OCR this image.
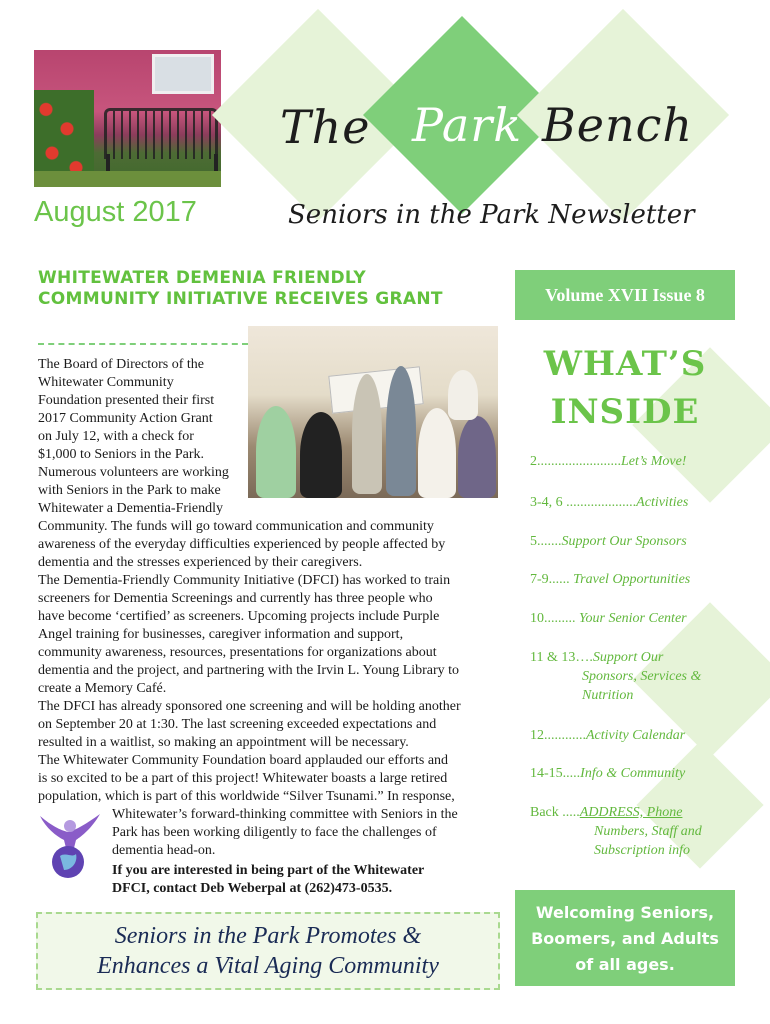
The Park Bench
Seniors in the Park Newsletter
August 2017
WHITEWATER DEMENIA FRIENDLY COMMUNITY INITIATIVE RECEIVES GRANT

The Board of Directors of the

Whitewater Community

Foundation presented their first

2017 Community Action Grant

on July 12, with a check for

$1,000 to Seniors in the Park.

Numerous volunteers are working

with Seniors in the Park to make

Whitewater a Dementia-Friendly

Community. The funds will go toward communication and community

awareness of the everyday difficulties experienced by people affected by

dementia and the stresses experienced by their caregivers.

The Dementia-Friendly Community Initiative (DFCI) has worked to train

screeners for Dementia Screenings and currently has three people who

have become ‘certified’ as screeners. Upcoming projects include Purple

Angel training for businesses, caregiver information and support,

community awareness, resources, presentations for organizations about

dementia and the project, and partnering with the Irvin L. Young Library to

create a Memory Café.

The DFCI has already sponsored one screening and will be holding another

on September 20 at 1:30. The last screening exceeded expectations and

resulted in a waitlist, so making an appointment will be necessary.

The Whitewater Community Foundation board applauded our efforts and

is so excited to be a part of this project! Whitewater boasts a large retired

population, which is part of this worldwide “Silver Tsunami.” In response,

Whitewater’s forward-thinking committee with Seniors in the

Park has been working diligently to face the challenges of

dementia head-on.

If you are interested in being part of the Whitewater
DFCI, contact Deb Weberpal at (262)473-0535.
Seniors in the Park Promotes &
Enhances a Vital Aging Community
Volume XVII Issue 8
WHAT’S
INSIDE
2........................Let’s Move!
3-4, 6 ....................Activities
5.......Support Our Sponsors
7-9...... Travel Opportunities
10......... Your Senior Center
11 & 13….Support Our
Sponsors, Services &
Nutrition
12............Activity Calendar
14-15.....Info & Community
Back .....ADDRESS, Phone
Numbers, Staff and
Subscription info
Welcoming Seniors,
Boomers, and Adults
of all ages.
